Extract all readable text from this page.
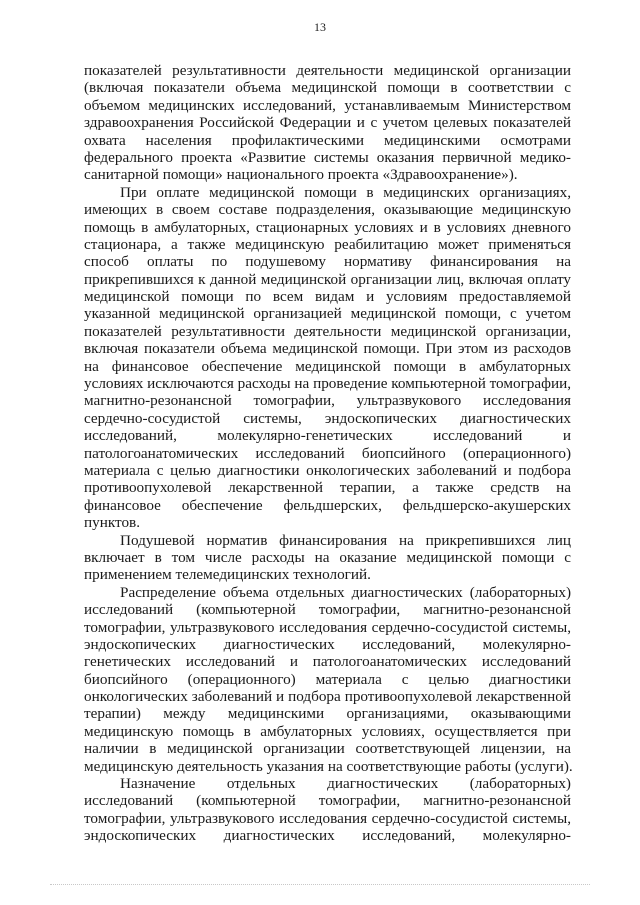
13
показателей результативности деятельности медицинской организации
(включая показатели объема медицинской помощи в соответствии с
объемом медицинских исследований, устанавливаемым Министерством
здравоохранения Российской Федерации и с учетом целевых показателей
охвата населения профилактическими медицинскими осмотрами
федерального проекта «Развитие системы оказания первичной медико-
санитарной помощи» национального проекта «Здравоохранение»).
При оплате медицинской помощи в медицинских организациях,
имеющих в своем составе подразделения, оказывающие медицинскую
помощь в амбулаторных, стационарных условиях и в условиях дневного
стационара, а также медицинскую реабилитацию может применяться
способ оплаты по подушевому нормативу финансирования на
прикрепившихся к данной медицинской организации лиц, включая оплату
медицинской помощи по всем видам и условиям предоставляемой
указанной медицинской организацией медицинской помощи, с учетом
показателей результативности деятельности медицинской организации,
включая показатели объема медицинской помощи. При этом из расходов
на финансовое обеспечение медицинской помощи в амбулаторных
условиях исключаются расходы на проведение компьютерной томографии,
магнитно-резонансной томографии, ультразвукового исследования
сердечно-сосудистой системы, эндоскопических диагностических
исследований, молекулярно-генетических исследований и
патологоанатомических исследований биопсийного (операционного)
материала с целью диагностики онкологических заболеваний и подбора
противоопухолевой лекарственной терапии, а также средств на
финансовое обеспечение фельдшерских, фельдшерско-акушерских
пунктов.
Подушевой норматив финансирования на прикрепившихся лиц
включает в том числе расходы на оказание медицинской помощи с
применением телемедицинских технологий.
Распределение объема отдельных диагностических (лабораторных)
исследований (компьютерной томографии, магнитно-резонансной
томографии, ультразвукового исследования сердечно-сосудистой системы,
эндоскопических диагностических исследований, молекулярно-
генетических исследований и патологоанатомических исследований
биопсийного (операционного) материала с целью диагностики
онкологических заболеваний и подбора противоопухолевой лекарственной
терапии) между медицинскими организациями, оказывающими
медицинскую помощь в амбулаторных условиях, осуществляется при
наличии в медицинской организации соответствующей лицензии, на
медицинскую деятельность указания на соответствующие работы (услуги).
Назначение отдельных диагностических (лабораторных)
исследований (компьютерной томографии, магнитно-резонансной
томографии, ультразвукового исследования сердечно-сосудистой системы,
эндоскопических диагностических исследований, молекулярно-
